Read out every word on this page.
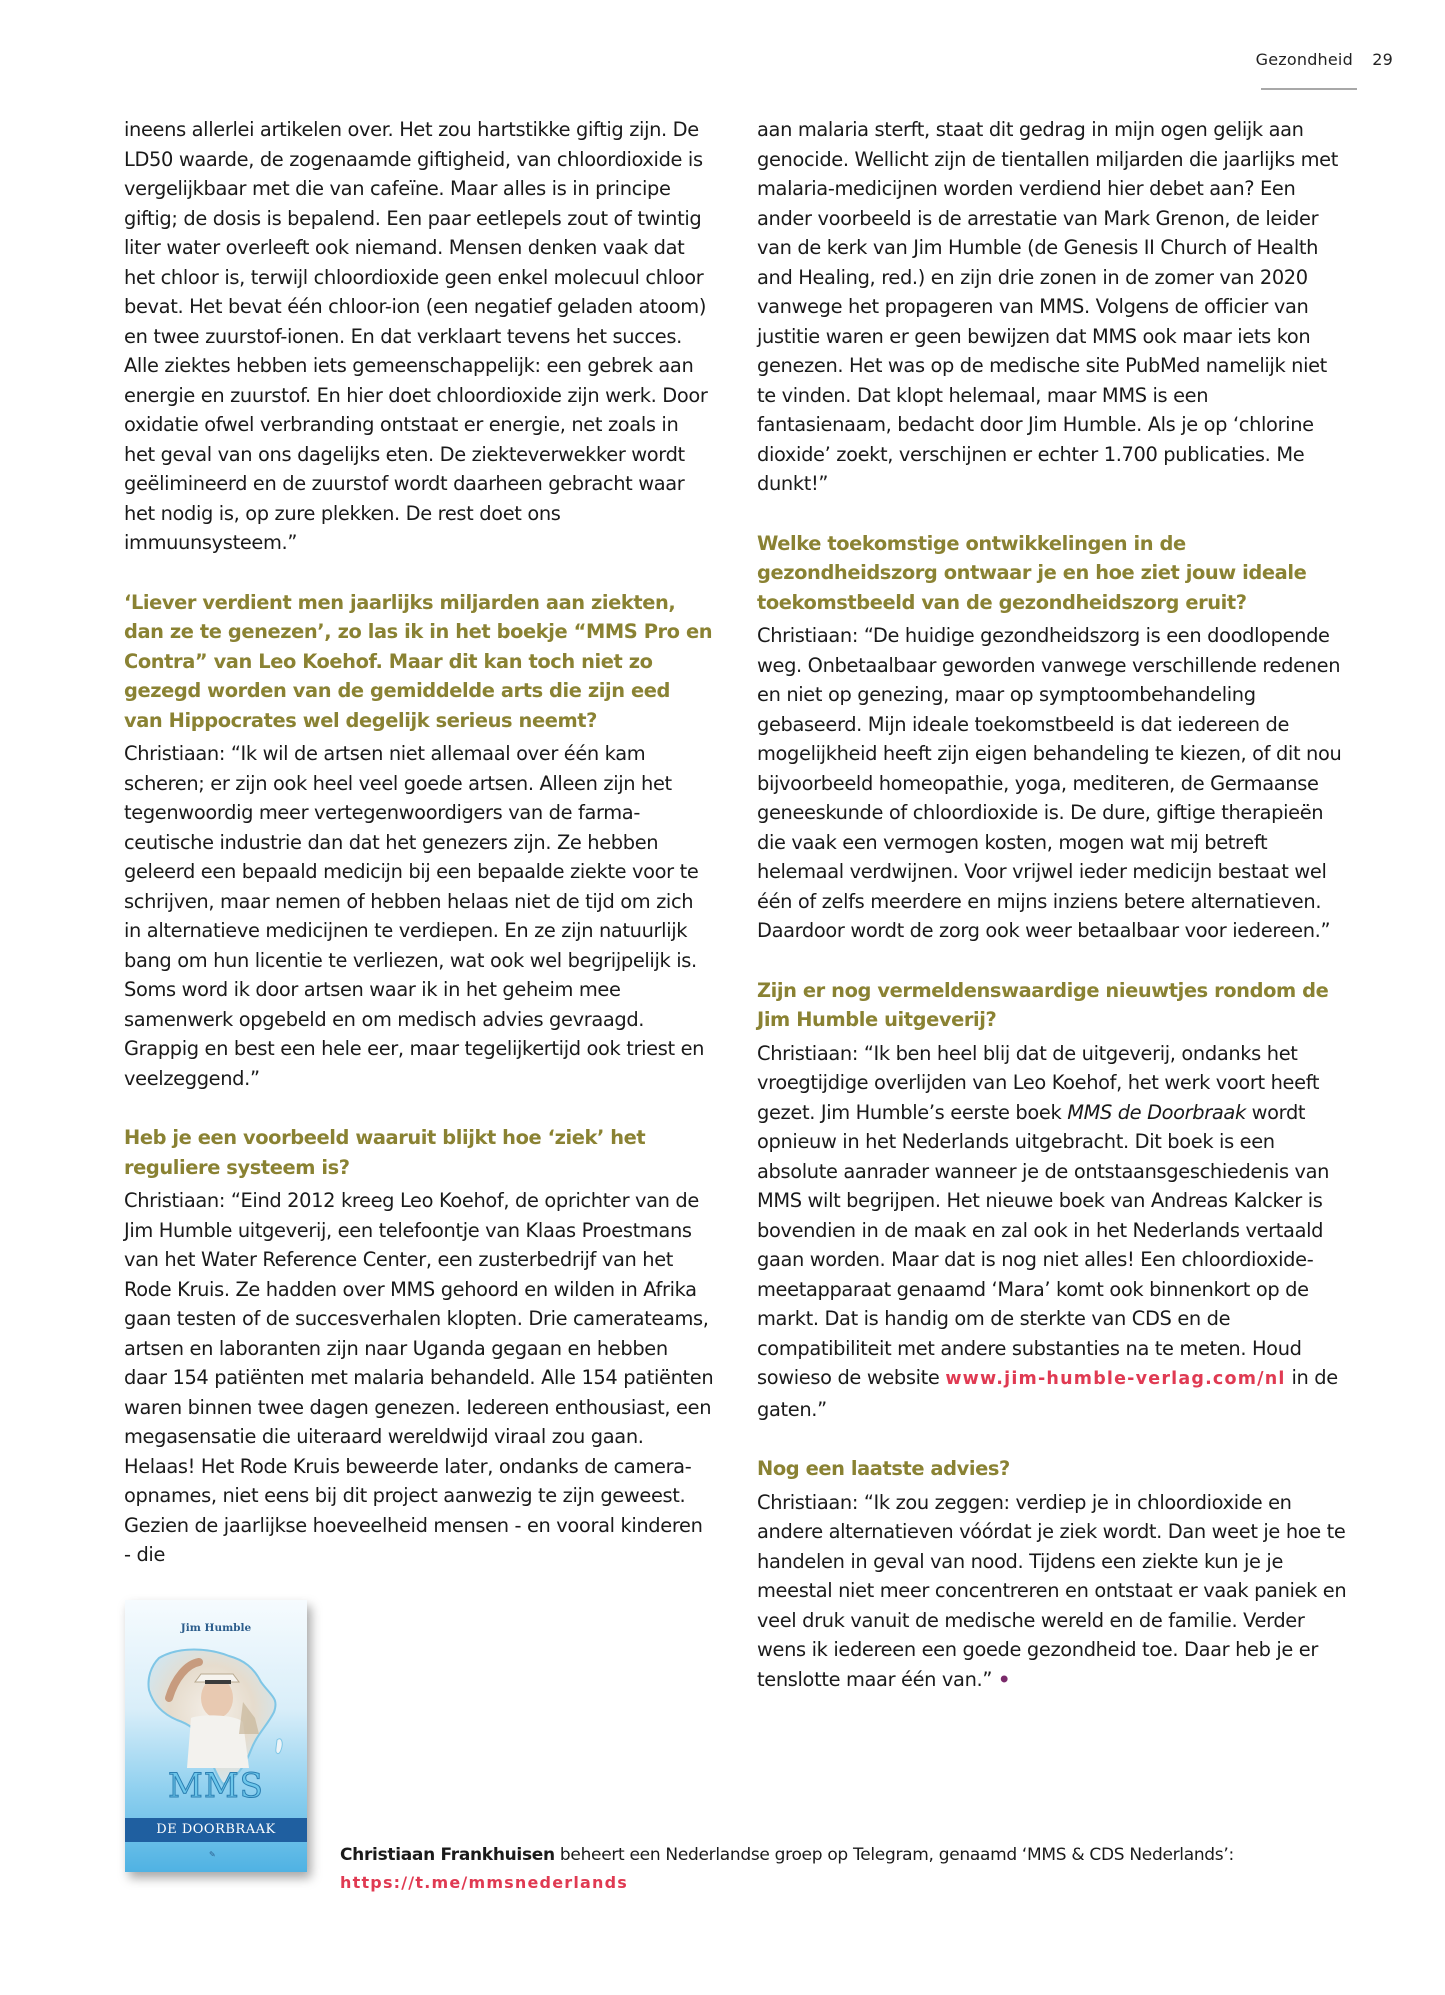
Gezondheid 29

ineens allerlei artikelen over. Het zou hartstikke giftig zijn. De LD50 waarde, de zogenaamde giftigheid, van chloordioxide is vergelijkbaar met die van cafeïne. Maar alles is in principe giftig; de dosis is bepalend. Een paar eetlepels zout of twintig liter water overleeft ook niemand. Mensen denken vaak dat het chloor is, terwijl chloordioxide geen enkel molecuul chloor bevat. Het bevat één chloor-ion (een negatief geladen atoom) en twee zuurstof-ionen. En dat verklaart tevens het succes. Alle ziektes hebben iets gemeenschappelijk: een gebrek aan energie en zuurstof. En hier doet chloordioxide zijn werk. Door oxidatie ofwel verbranding ontstaat er energie, net zoals in het geval van ons dagelijks eten. De ziekteverwekker wordt geëlimineerd en de zuurstof wordt daarheen gebracht waar het nodig is, op zure plekken. De rest doet ons immuunsysteem.”

‘Liever verdient men jaarlijks miljarden aan ziekten, dan ze te genezen’, zo las ik in het boekje “MMS Pro en Contra” van Leo Koehof. Maar dit kan toch niet zo gezegd worden van de gemiddelde arts die zijn eed van Hippocrates wel degelijk serieus neemt?

Christiaan: “Ik wil de artsen niet allemaal over één kam scheren; er zijn ook heel veel goede artsen. Alleen zijn het tegenwoordig meer vertegenwoordigers van de farmaceutische industrie dan dat het genezers zijn. Ze hebben geleerd een bepaald medicijn bij een bepaalde ziekte voor te schrijven, maar nemen of hebben helaas niet de tijd om zich in alternatieve medicijnen te verdiepen. En ze zijn natuurlijk bang om hun licentie te verliezen, wat ook wel begrijpelijk is. Soms word ik door artsen waar ik in het geheim mee samenwerk opgebeld en om medisch advies gevraagd. Grappig en best een hele eer, maar tegelijkertijd ook triest en veelzeggend.”

Heb je een voorbeeld waaruit blijkt hoe ‘ziek’ het reguliere systeem is?

Christiaan: “Eind 2012 kreeg Leo Koehof, de oprichter van de Jim Humble uitgeverij, een telefoontje van Klaas Proestmans van het Water Reference Center, een zusterbedrijf van het Rode Kruis. Ze hadden over MMS gehoord en wilden in Afrika gaan testen of de succesverhalen klopten. Drie camerateams, artsen en laboranten zijn naar Uganda gegaan en hebben daar 154 patiënten met malaria behandeld. Alle 154 patiënten waren binnen twee dagen genezen. Iedereen enthousiast, een megasensatie die uiteraard wereldwijd viraal zou gaan. Helaas! Het Rode Kruis beweerde later, ondanks de camera-opnames, niet eens bij dit project aanwezig te zijn geweest. Gezien de jaarlijkse hoeveelheid mensen - en vooral kinderen - die

aan malaria sterft, staat dit gedrag in mijn ogen gelijk aan genocide. Wellicht zijn de tientallen miljarden die jaarlijks met malaria-medicijnen worden verdiend hier debet aan? Een ander voorbeeld is de arrestatie van Mark Grenon, de leider van de kerk van Jim Humble (de Genesis II Church of Health and Healing, red.) en zijn drie zonen in de zomer van 2020 vanwege het propageren van MMS. Volgens de officier van justitie waren er geen bewijzen dat MMS ook maar iets kon genezen. Het was op de medische site PubMed namelijk niet te vinden. Dat klopt helemaal, maar MMS is een fantasienaam, bedacht door Jim Humble. Als je op ‘chlorine dioxide’ zoekt, verschijnen er echter 1.700 publicaties. Me dunkt!”

Welke toekomstige ontwikkelingen in de gezondheidszorg ontwaar je en hoe ziet jouw ideale toekomstbeeld van de gezondheidszorg eruit?

Christiaan: “De huidige gezondheidszorg is een doodlopende weg. Onbetaalbaar geworden vanwege verschillende redenen en niet op genezing, maar op symptoombehandeling gebaseerd. Mijn ideale toekomstbeeld is dat iedereen de mogelijkheid heeft zijn eigen behandeling te kiezen, of dit nou bijvoorbeeld homeopathie, yoga, mediteren, de Germaanse geneeskunde of chloordioxide is. De dure, giftige therapieën die vaak een vermogen kosten, mogen wat mij betreft helemaal verdwijnen. Voor vrijwel ieder medicijn bestaat wel één of zelfs meerdere en mijns inziens betere alternatieven. Daardoor wordt de zorg ook weer betaalbaar voor iedereen.”

Zijn er nog vermeldenswaardige nieuwtjes rondom de Jim Humble uitgeverij?

Christiaan: “Ik ben heel blij dat de uitgeverij, ondanks het vroegtijdige overlijden van Leo Koehof, het werk voort heeft gezet. Jim Humble’s eerste boek MMS de Doorbraak wordt opnieuw in het Nederlands uitgebracht. Dit boek is een absolute aanrader wanneer je de ontstaansgeschiedenis van MMS wilt begrijpen. Het nieuwe boek van Andreas Kalcker is bovendien in de maak en zal ook in het Nederlands vertaald gaan worden. Maar dat is nog niet alles! Een chloordioxide-meetapparaat genaamd ‘Mara’ komt ook binnenkort op de markt. Dat is handig om de sterkte van CDS en de compatibiliteit met andere substanties na te meten. Houd sowieso de website www.jim-humble-verlag.com/nl in de gaten.”

Nog een laatste advies?

Christiaan: “Ik zou zeggen: verdiep je in chloordioxide en andere alternatieven vóórdat je ziek wordt. Dan weet je hoe te handelen in geval van nood. Tijdens een ziekte kun je je meestal niet meer concentreren en ontstaat er vaak paniek en veel druk vanuit de medische wereld en de familie. Verder wens ik iedereen een goede gezondheid toe. Daar heb je er tenslotte maar één van.” •

Jim Humble
MMS
DE DOORBRAAK
✎	Christiaan Frankhuisen beheert een Nederlandse groep op Telegram, genaamd ‘MMS & CDS Nederlands’:
https://t.me/mmsnederlands
